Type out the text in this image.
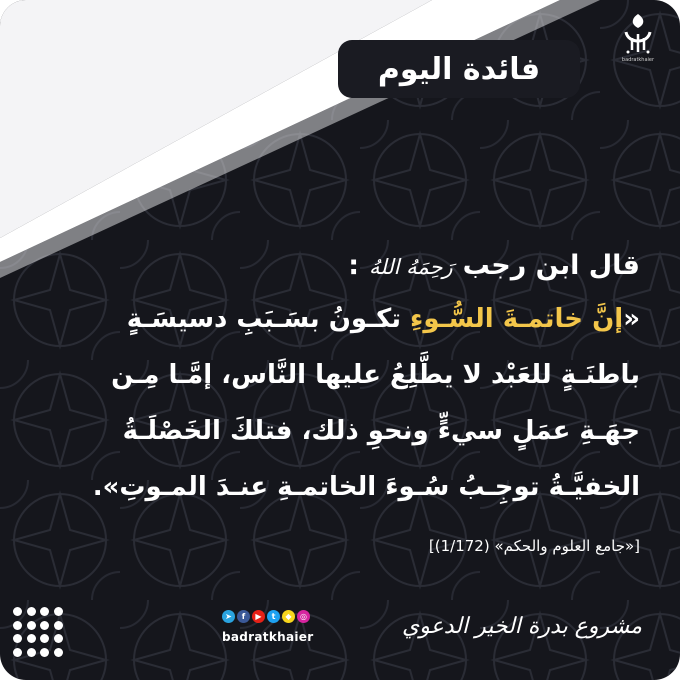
فائدة اليوم	badratkhaier
قال ابن رجب
رَحِمَهُ اللهُ
:

«إنَّ خاتمـةَ السُّـوءِ تكـونُ بسَـبَبِ دسيسَـةٍ
باطنَـةٍ للعَبْد لا يطَّلِعُ عليها النَّاس، إمَّـا مِـن
جهَـةِ عمَلٍ سيءٍّ ونحوِ ذلك، فتلكَ الخَصْلَـةُ
الخفيَّـةُ توجِـبُ سُـوءَ الخاتمـةِ عنـدَ المـوتِ».

[«جامع العلوم والحكم» (1/172)]
➤	f	▶	t	◆	◎
badratkhaier	مشروع بدرة الخير الدعوي
